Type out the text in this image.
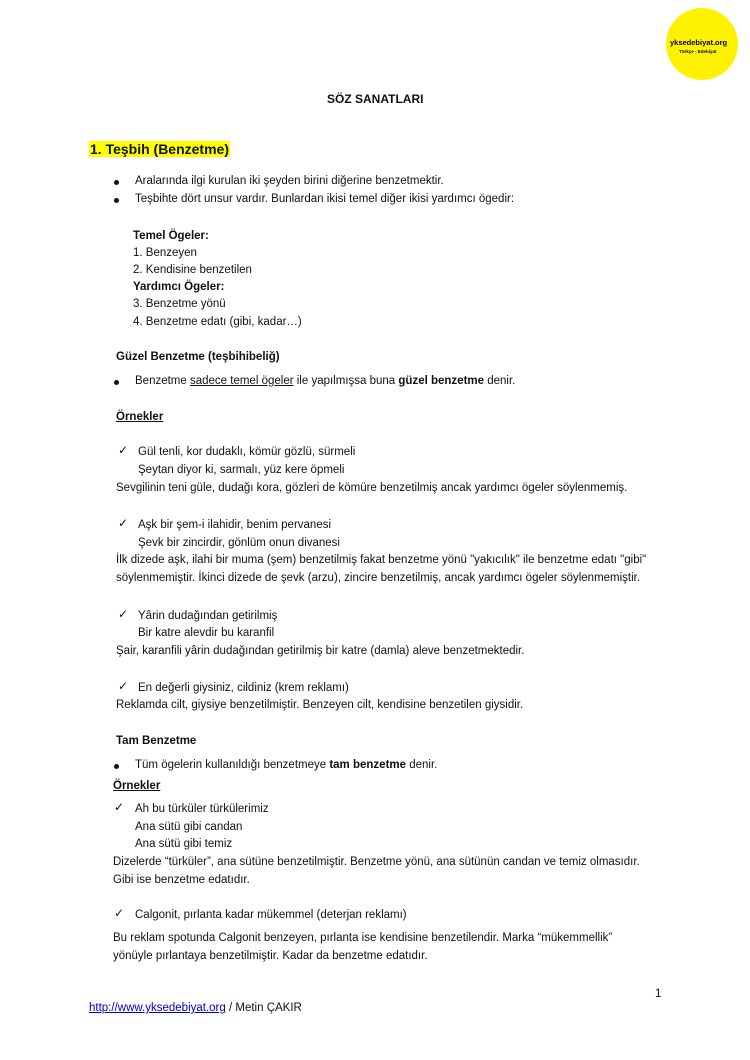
yksedebiyat.org
Türkçe - Edebiyat
SÖZ SANATLARI
1. Teşbih (Benzetme)
Aralarında ilgi kurulan iki şeyden birini diğerine benzetmektir.
Teşbihte dört unsur vardır. Bunlardan ikisi temel diğer ikisi yardımcı ögedir:
Temel Ögeler:
1. Benzeyen
2. Kendisine benzetilen
Yardımcı Ögeler:
3. Benzetme yönü
4. Benzetme edatı (gibi, kadar…)
Güzel Benzetme (teşbihibeliğ)
Benzetme sadece temel ögeler ile yapılmışsa buna güzel benzetme denir.
Örnekler
✓ Gül tenli, kor dudaklı, kömür gözlü, sürmeli
Şeytan diyor ki, sarmalı, yüz kere öpmeli
Sevgilinin teni güle, dudağı kora, gözleri de kömüre benzetilmiş ancak yardımcı ögeler söylenmemiş.
✓ Aşk bir şem-i ilahidir, benim pervanesi
Şevk bir zincirdir, gönlüm onun divanesi
İlk dizede aşk, ilahi bir muma (şem) benzetilmiş fakat benzetme yönü "yakıcılık" ile benzetme edatı "gibi"
söylenmemiştir. İkinci dizede de şevk (arzu), zincire benzetilmiş, ancak yardımcı ögeler söylenmemiştir.
✓ Yârin dudağından getirilmiş
Bir katre alevdir bu karanfil
Şair, karanfili yârin dudağından getirilmiş bir katre (damla) aleve benzetmektedir.
✓ En değerli giysiniz, cildiniz (krem reklamı)
Reklamda cilt, giysiye benzetilmiştir. Benzeyen cilt, kendisine benzetilen giysidir.
Tam Benzetme
Tüm ögelerin kullanıldığı benzetmeye tam benzetme denir.
Örnekler
✓ Ah bu türküler türkülerimiz
Ana sütü gibi candan
Ana sütü gibi temiz
Dizelerde “türküler”, ana sütüne benzetilmiştir. Benzetme yönü, ana sütünün candan ve temiz olmasıdır.
Gibi ise benzetme edatıdır.
✓ Calgonit, pırlanta kadar mükemmel (deterjan reklamı)
Bu reklam spotunda Calgonit benzeyen, pırlanta ise kendisine benzetilendir. Marka “mükemmellik”
yönüyle pırlantaya benzetilmiştir. Kadar da benzetme edatıdır.
1
http://www.yksedebiyat.org / Metin ÇAKIR
